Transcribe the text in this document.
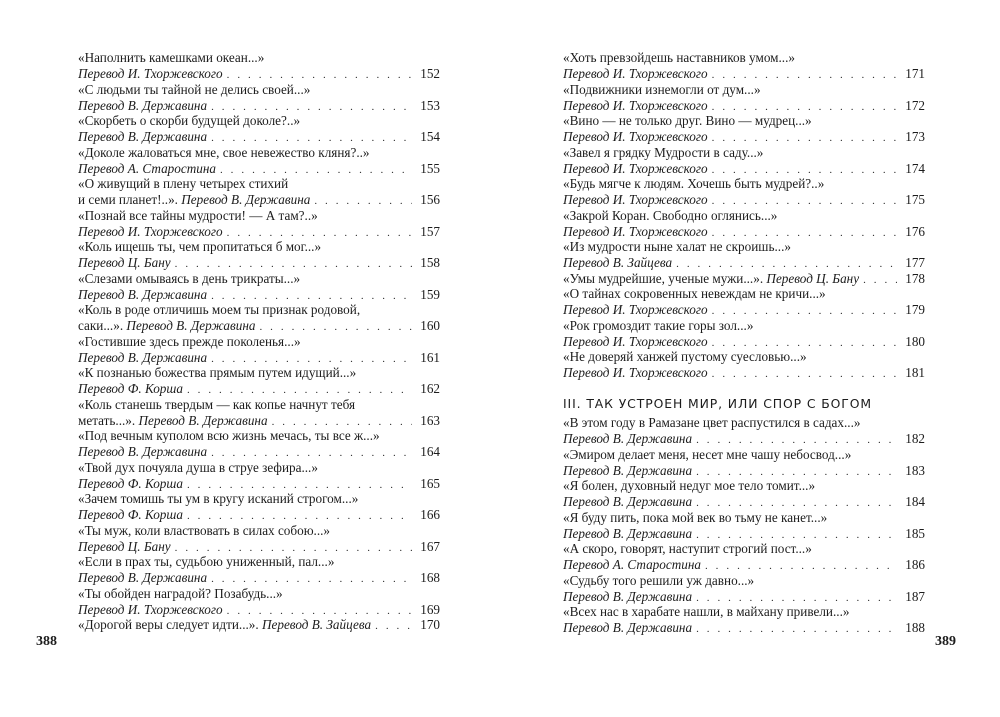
«Наполнить камешками океан...»
Перевод И. Тхоржевского . . .	152
«С людьми ты тайной не делись своей...»
Перевод В. Державина . . .	153
«Скорбеть о скорби будущей доколе?..»
Перевод В. Державина . . .	154
«Доколе жаловаться мне, свое невежество кляня?..»
Перевод А. Старостина . . .	155
«О живущий в плену четырех стихий
и семи планет!..». Перевод В. Державина . . .	156
«Познай все тайны мудрости! — А там?..»
Перевод И. Тхоржевского . . .	157
«Коль ищешь ты, чем пропитаться б мог...»
Перевод Ц. Бану . . .	158
«Слезами омываясь в день трикраты...»
Перевод В. Державина . . .	159
«Коль в роде отличишь моем ты признак родовой,
саки...». Перевод В. Державина . . .	160
«Гостившие здесь прежде поколенья...»
Перевод В. Державина . . .	161
«К познанью божества прямым путем идущий...»
Перевод Ф. Корша . . .	162
«Коль станешь твердым — как копье начнут тебя
метать...». Перевод В. Державина . . .	163
«Под вечным куполом всю жизнь мечась, ты все ж...»
Перевод В. Державина . . .	164
«Твой дух почуяла душа в струе зефира...»
Перевод Ф. Корша . . .	165
«Зачем томишь ты ум в кругу исканий строгом...»
Перевод Ф. Корша . . .	166
«Ты муж, коли властвовать в силах собою...»
Перевод Ц. Бану . . .	167
«Если в прах ты, судьбою униженный, пал...»
Перевод В. Державина . . .	168
«Ты обойден наградой? Позабудь...»
Перевод И. Тхоржевского . . .	169
«Дорогой веры следует идти...». Перевод В. Зайцева . . .	170
«Хоть превзойдешь наставников умом...»
Перевод И. Тхоржевского . . .	171
«Подвижники изнемогли от дум...»
Перевод И. Тхоржевского . . .	172
«Вино — не только друг. Вино — мудрец...»
Перевод И. Тхоржевского . . .	173
«Завел я грядку Мудрости в саду...»
Перевод И. Тхоржевского . . .	174
«Будь мягче к людям. Хочешь быть мудрей?..»
Перевод И. Тхоржевского . . .	175
«Закрой Коран. Свободно оглянись...»
Перевод И. Тхоржевского . . .	176
«Из мудрости ныне халат не скроишь...»
Перевод В. Зайцева . . .	177
«Умы мудрейшие, ученые мужи...». Перевод Ц. Бану . . .	178
«О тайнах сокровенных невеждам не кричи...»
Перевод И. Тхоржевского . . .	179
«Рок громоздит такие горы зол...»
Перевод И. Тхоржевского . . .	180
«Не доверяй ханжей пустому суесловью...»
Перевод И. Тхоржевского . . .	181
III. ТАК УСТРОЕН МИР, ИЛИ СПОР С БОГОМ
«В этом году в Рамазане цвет распустился в садах...»
Перевод В. Державина . . .	182
«Эмиром делает меня, несет мне чашу небосвод...»
Перевод В. Державина . . .	183
«Я болен, духовный недуг мое тело томит...»
Перевод В. Державина . . .	184
«Я буду пить, пока мой век во тьму не канет...»
Перевод В. Державина . . .	185
«А скоро, говорят, наступит строгий пост...»
Перевод А. Старостина . . .	186
«Судьбу того решили уж давно...»
Перевод В. Державина . . .	187
«Всех нас в харабате нашли, в майхану привели...»
Перевод В. Державина . . .	188
388	389
